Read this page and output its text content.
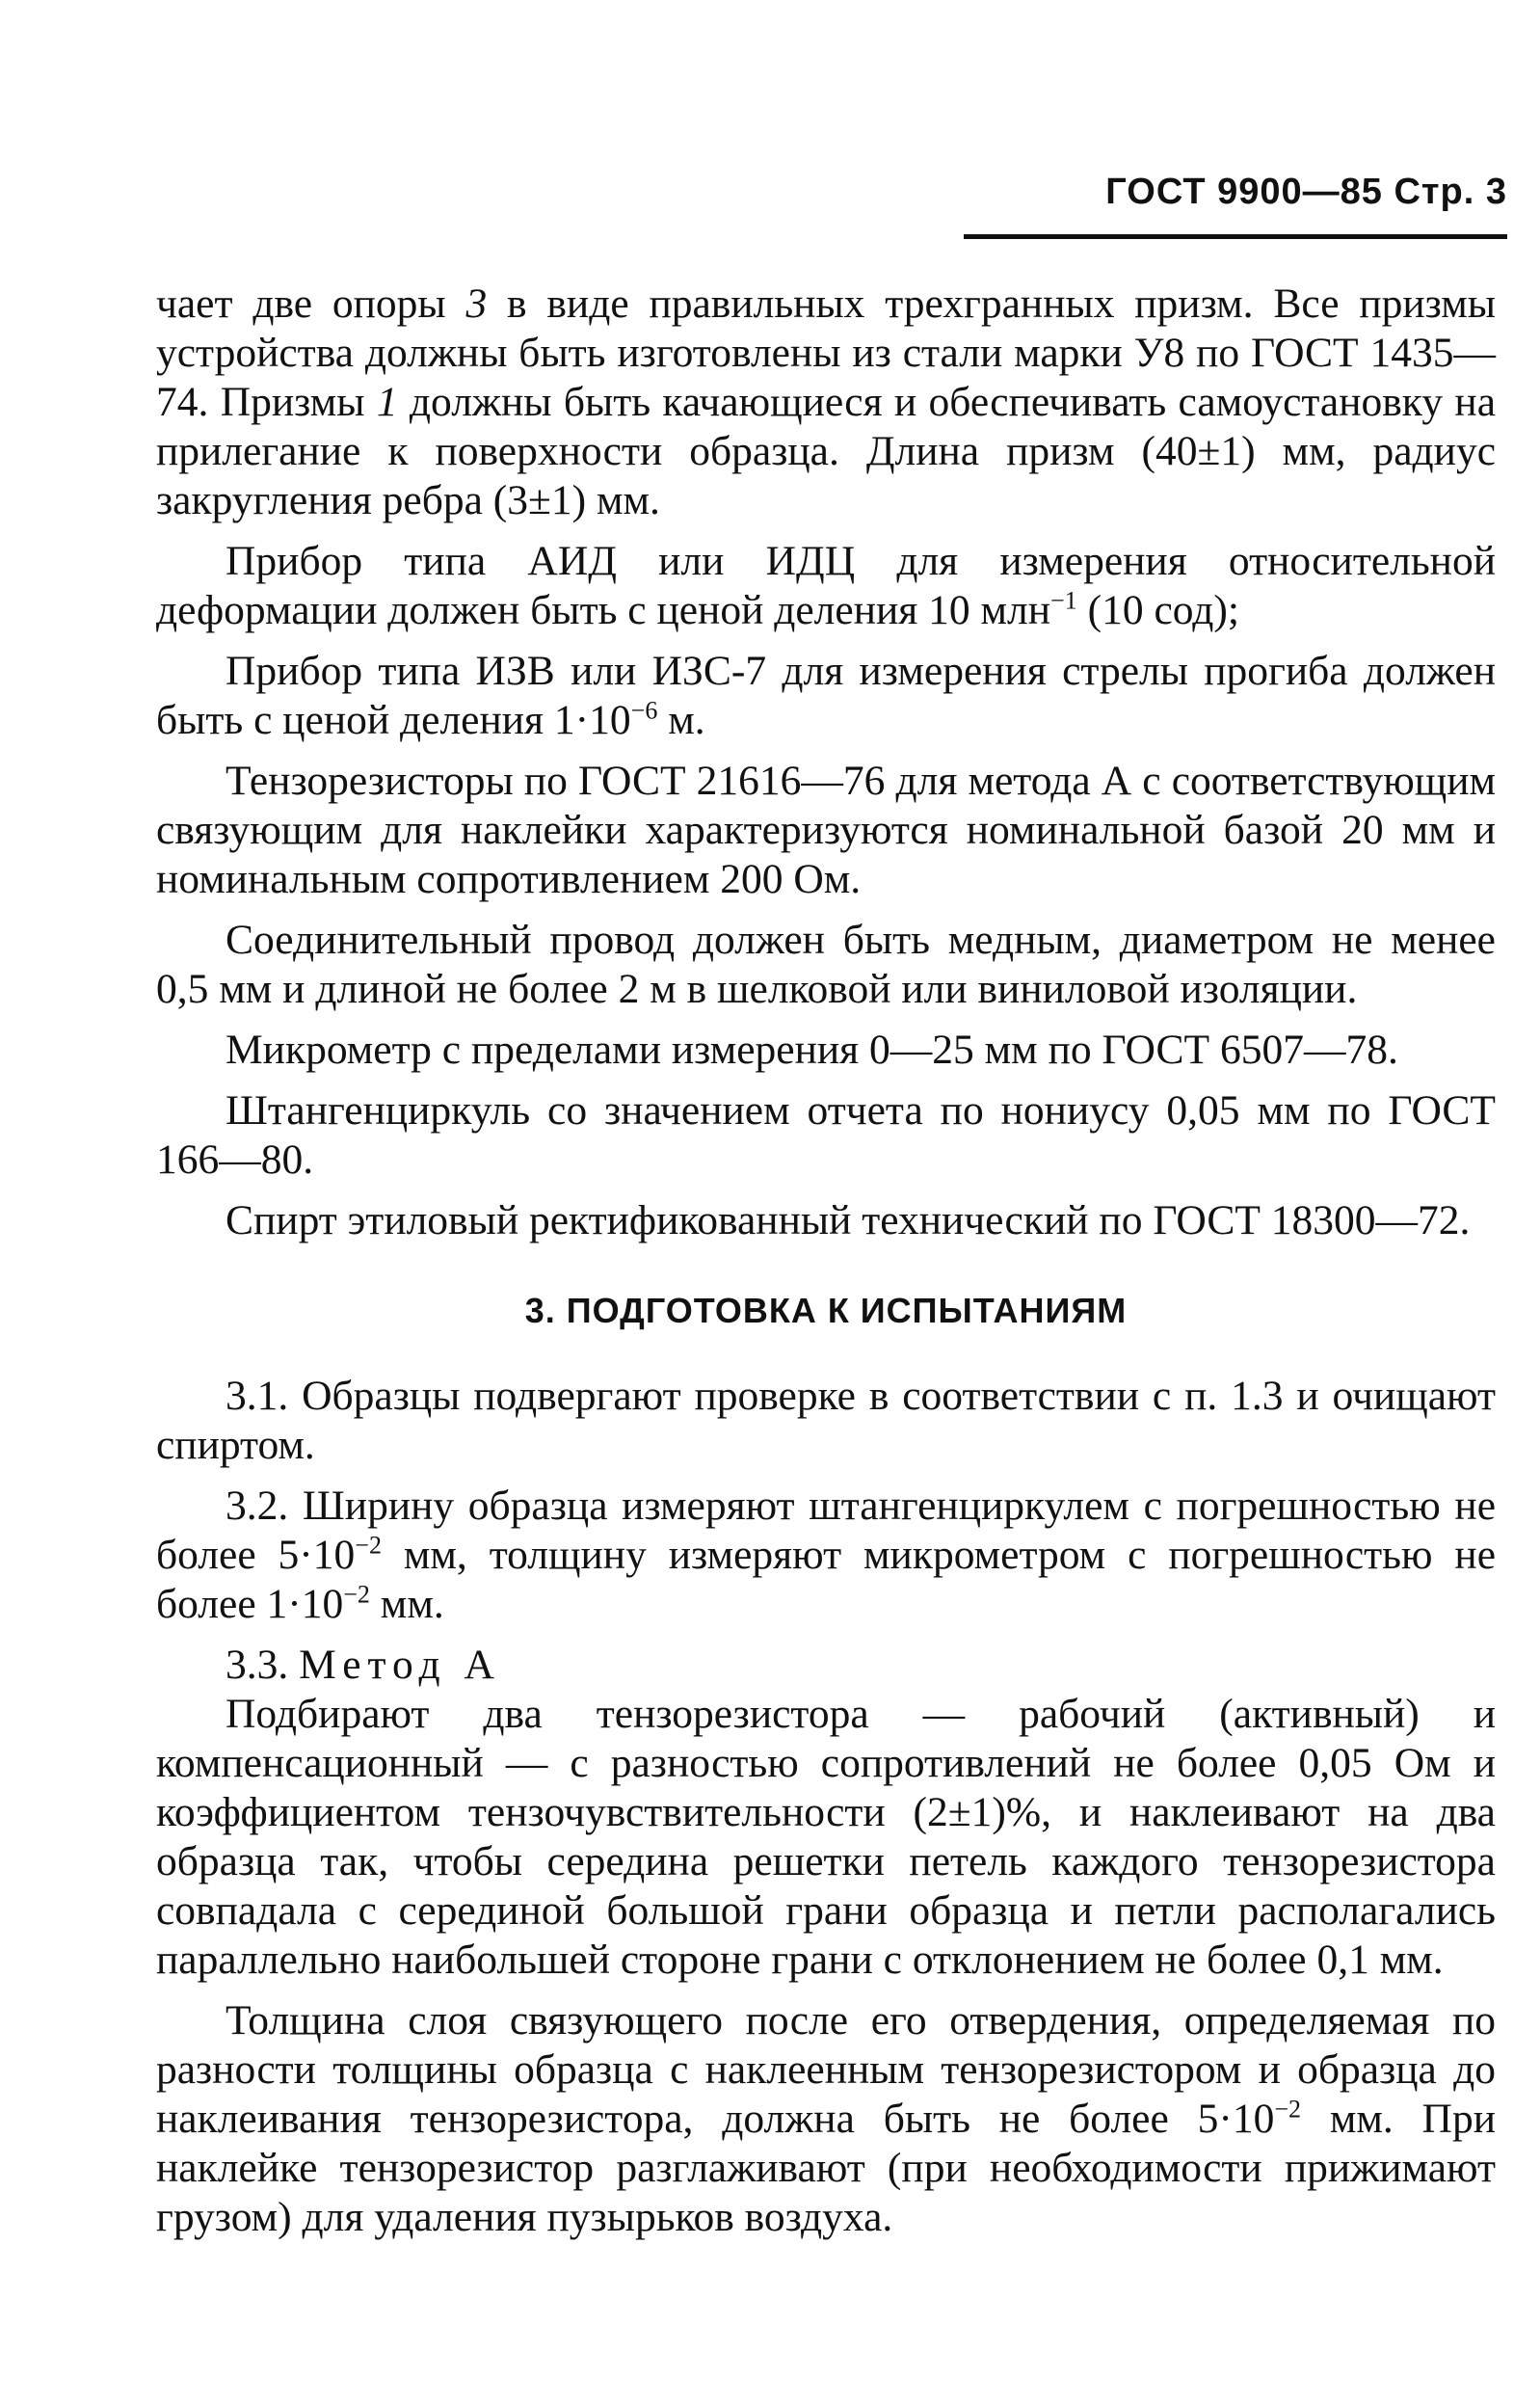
ГОСТ 9900—85 Стр. 3

чает две опоры 3 в виде правильных трехгранных призм. Все призмы устройства должны быть изготовлены из стали марки У8 по ГОСТ 1435—74. Призмы 1 должны быть качающиеся и обеспечивать самоустановку на прилегание к поверхности образца. Длина призм (40±1) мм, радиус закругления ребра (3±1) мм.

Прибор типа АИД или ИДЦ для измерения относительной деформации должен быть с ценой деления 10 млн$^{-1}$ (10 сод);

Прибор типа ИЗВ или ИЗС-7 для измерения стрелы прогиба должен быть с ценой деления $1\cdot 10^{-6}$ м.

Тензорезисторы по ГОСТ 21616—76 для метода А с соответствующим связующим для наклейки характеризуются номинальной базой 20 мм и номинальным сопротивлением 200 Ом.

Соединительный провод должен быть медным, диаметром не менее 0,5 мм и длиной не более 2 м в шелковой или виниловой изоляции.

Микрометр с пределами измерения 0—25 мм по ГОСТ 6507—78.

Штангенциркуль со значением отчета по нониусу 0,05 мм по ГОСТ 166—80.

Спирт этиловый ректификованный технический по ГОСТ 18300—72.

3. ПОДГОТОВКА К ИСПЫТАНИЯМ

3.1. Образцы подвергают проверке в соответствии с п. 1.3 и очищают спиртом.

3.2. Ширину образца измеряют штангенциркулем с погрешностью не более $5\cdot 10^{-2}$ мм, толщину измеряют микрометром с погрешностью не более $1\cdot 10^{-2}$ мм.

3.3. Метод А

Подбирают два тензорезистора — рабочий (активный) и компенсационный — с разностью сопротивлений не более 0,05 Ом и коэффициентом тензочувствительности (2±1)%, и наклеивают на два образца так, чтобы середина решетки петель каждого тензорезистора совпадала с серединой большой грани образца и петли располагались параллельно наибольшей стороне грани с отклонением не более 0,1 мм.

Толщина слоя связующего после его отвердения, определяемая по разности толщины образца с наклеенным тензорезистором и образца до наклеивания тензорезистора, должна быть не более $5\cdot 10^{-2}$ мм. При наклейке тензорезистор разглаживают (при необходимости прижимают грузом) для удаления пузырьков воздуха.
